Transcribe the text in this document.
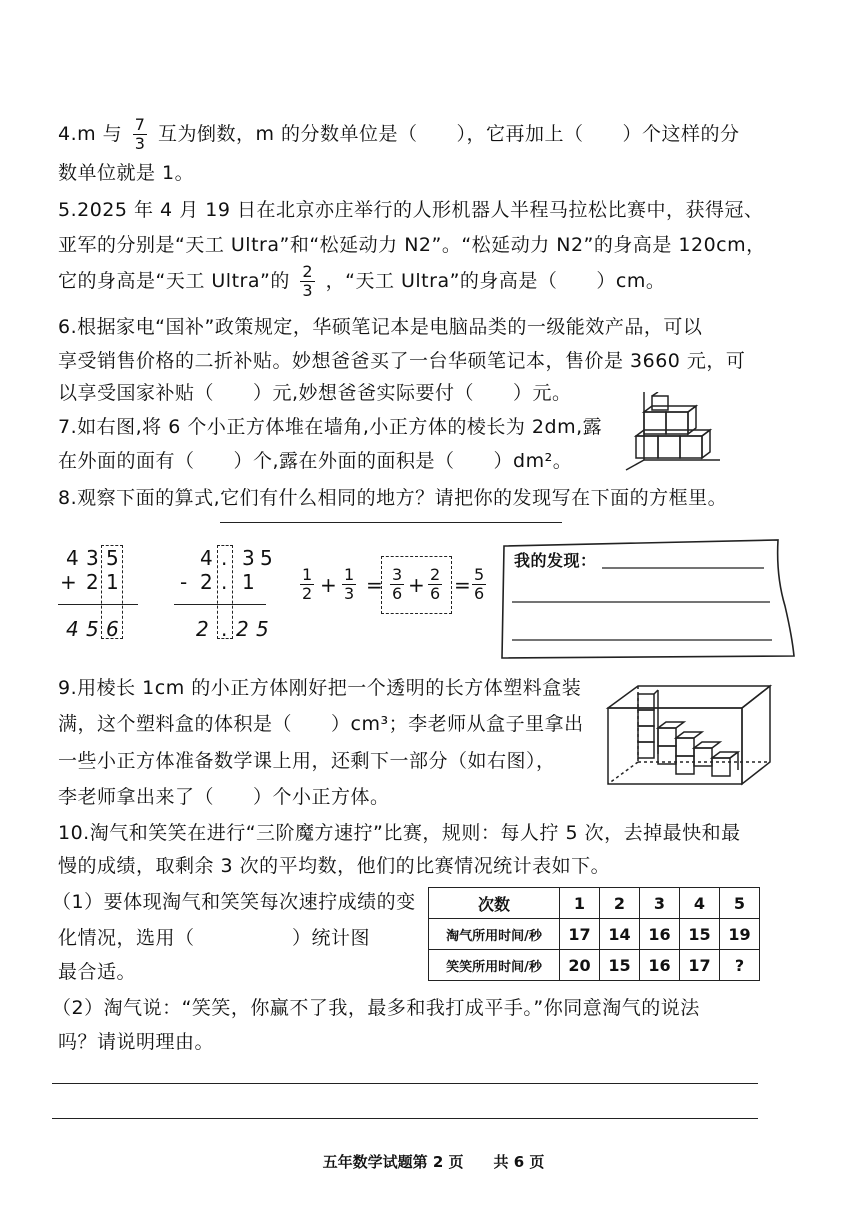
4.m 与 $\frac{7}{3}$ 互为倒数，m 的分数单位是（　　），它再加上（　　）个这样的分
数单位就是 1。
5.2025 年 4 月 19 日在北京亦庄举行的人形机器人半程马拉松比赛中，获得冠、
亚军的分别是“天工 Ultra”和“松延动力 N2”。“松延动力 N2”的身高是 120cm，
它的身高是“天工 Ultra”的 $\frac{2}{3}$ ，“天工 Ultra”的身高是（　　）cm。
6.根据家电“国补”政策规定，华硕笔记本是电脑品类的一级能效产品，可以
享受销售价格的二折补贴。妙想爸爸买了一台华硕笔记本，售价是 3660 元，可
以享受国家补贴（　　）元,妙想爸爸实际要付（　　）元。
7.如右图,将 6 个小正方体堆在墙角,小正方体的棱长为 2dm,露
在外面的面有（　　）个,露在外面的面积是（　　）dm²。
8.观察下面的算式,它们有什么相同的地方？请把你的发现写在下面的方框里。
4 3 5
+ 2 1
4 5 6
4 . 3 5
- 2 . 1
2 . 2 5
$\frac{1}{2} + \frac{1}{3} = \frac{3}{6} + \frac{2}{6} = \frac{5}{6}$
我的发现：
9.用棱长 1cm 的小正方体刚好把一个透明的长方体塑料盒装
满，这个塑料盒的体积是（　　）cm³；李老师从盒子里拿出
一些小正方体准备数学课上用，还剩下一部分（如右图），
李老师拿出来了（　　）个小正方体。
10.淘气和笑笑在进行“三阶魔方速拧”比赛，规则：每人拧 5 次，去掉最快和最
慢的成绩，取剩余 3 次的平均数，他们的比赛情况统计表如下。
（1）要体现淘气和笑笑每次速拧成绩的变
化情况，选用（　　　　　）统计图
最合适。
次数	1	2	3	4	5
淘气所用时间/秒	17	14	16	15	19
笑笑所用时间/秒	20	15	16	17	?
（2）淘气说：“笑笑，你赢不了我，最多和我打成平手。”你同意淘气的说法
吗？请说明理由。
五年数学试题第 2 页　　共 6 页
